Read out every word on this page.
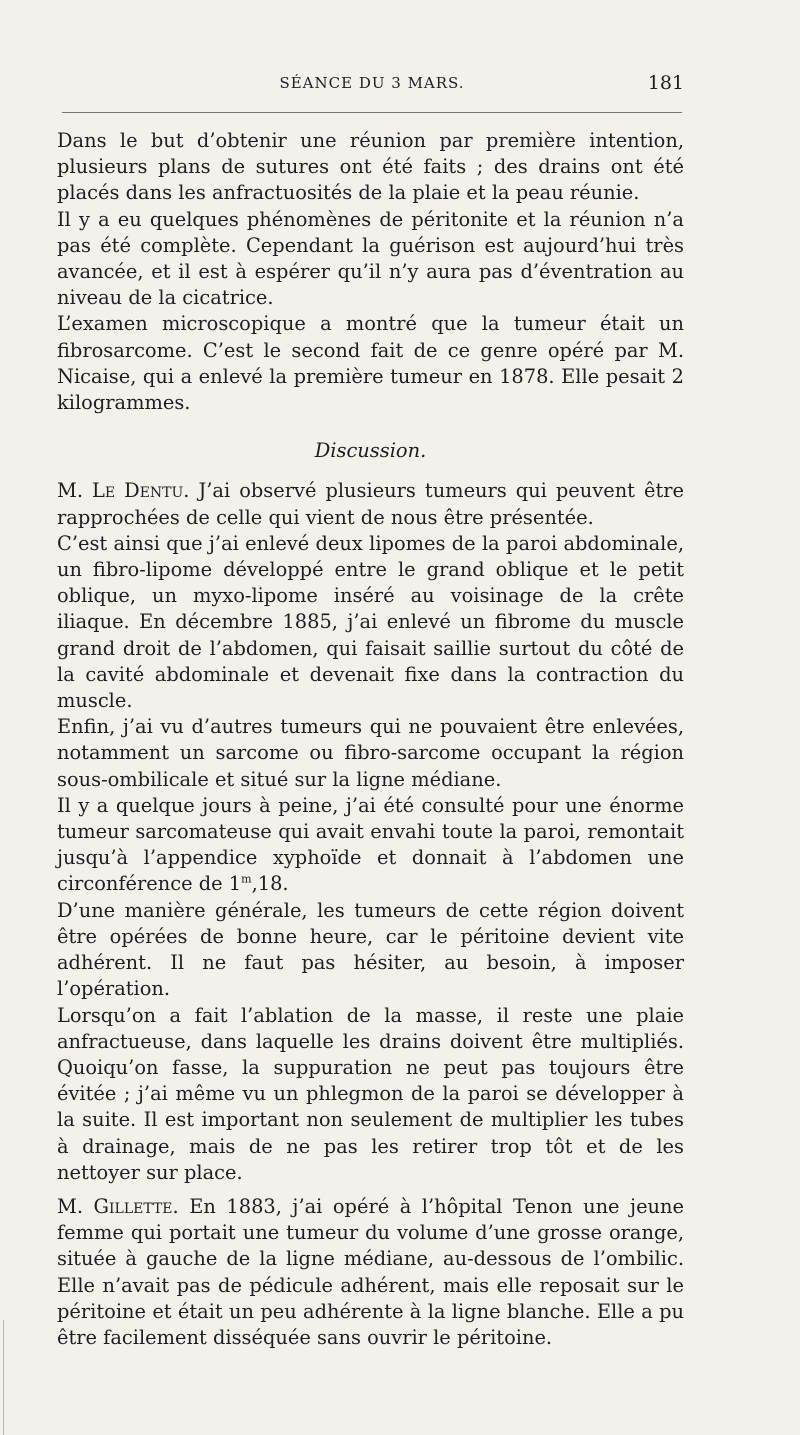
SÉANCE DU 3 MARS.	181

Dans le but d’obtenir une réunion par première intention, plusieurs plans de sutures ont été faits ; des drains ont été placés dans les anfractuosités de la plaie et la peau réunie.

Il y a eu quelques phénomènes de péritonite et la réunion n’a pas été complète. Cependant la guérison est aujourd’hui très avancée, et il est à espérer qu’il n’y aura pas d’éventration au niveau de la cicatrice.

L’examen microscopique a montré que la tumeur était un fibrosarcome. C’est le second fait de ce genre opéré par M. Nicaise, qui a enlevé la première tumeur en 1878. Elle pesait 2 kilogrammes.

Discussion.

M. Le Dentu. J’ai observé plusieurs tumeurs qui peuvent être rapprochées de celle qui vient de nous être présentée.

C’est ainsi que j’ai enlevé deux lipomes de la paroi abdominale, un fibro-lipome développé entre le grand oblique et le petit oblique, un myxo-lipome inséré au voisinage de la crête iliaque. En décembre 1885, j’ai enlevé un fibrome du muscle grand droit de l’abdomen, qui faisait saillie surtout du côté de la cavité abdominale et devenait fixe dans la contraction du muscle.

Enfin, j’ai vu d’autres tumeurs qui ne pouvaient être enlevées, notamment un sarcome ou fibro-sarcome occupant la région sous-ombilicale et situé sur la ligne médiane.

Il y a quelque jours à peine, j’ai été consulté pour une énorme tumeur sarcomateuse qui avait envahi toute la paroi, remontait jusqu’à l’appendice xyphoïde et donnait à l’abdomen une circonférence de 1$^m$,18.

D’une manière générale, les tumeurs de cette région doivent être opérées de bonne heure, car le péritoine devient vite adhérent. Il ne faut pas hésiter, au besoin, à imposer l’opération.

Lorsqu’on a fait l’ablation de la masse, il reste une plaie anfractueuse, dans laquelle les drains doivent être multipliés. Quoiqu’on fasse, la suppuration ne peut pas toujours être évitée ; j’ai même vu un phlegmon de la paroi se développer à la suite. Il est important non seulement de multiplier les tubes à drainage, mais de ne pas les retirer trop tôt et de les nettoyer sur place.

M. Gillette. En 1883, j’ai opéré à l’hôpital Tenon une jeune femme qui portait une tumeur du volume d’une grosse orange, située à gauche de la ligne médiane, au-dessous de l’ombilic. Elle n’avait pas de pédicule adhérent, mais elle reposait sur le péritoine et était un peu adhérente à la ligne blanche. Elle a pu être facilement disséquée sans ouvrir le péritoine.
